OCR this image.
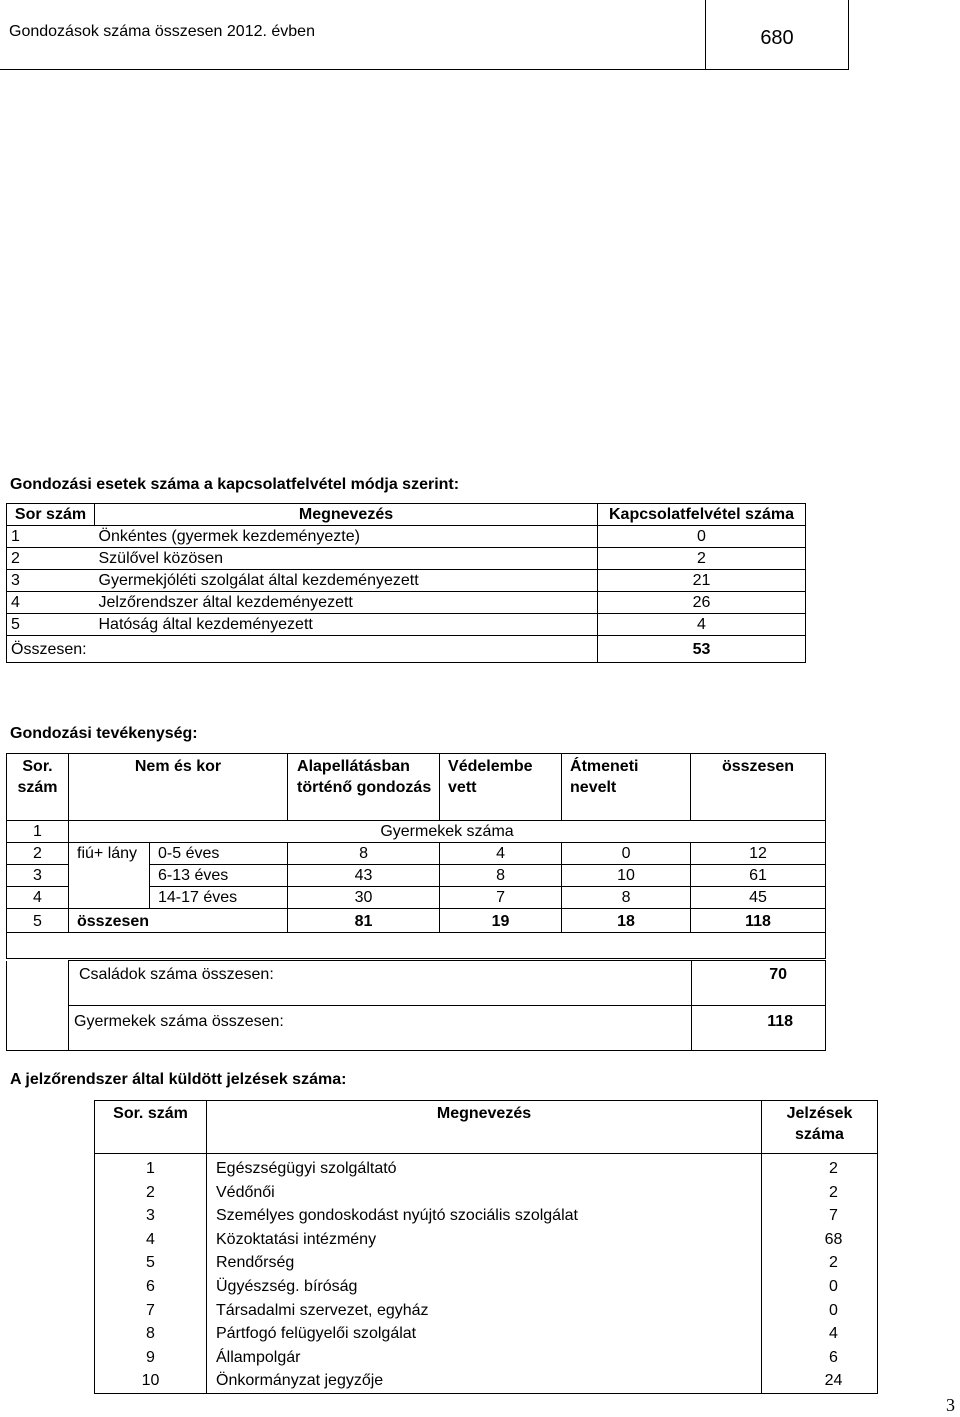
Gondozások száma összesen 2012. évben	680

Gondozási esetek száma a kapcsolatfelvétel módja szerint:

Sor szám	Megnevezés	Kapcsolatfelvétel száma
1	Önkéntes (gyermek kezdeményezte)	0
2	Szülővel közösen	2
3	Gyermekjóléti szolgálat által kezdeményezett	21
4	Jelzőrendszer által kezdeményezett	26
5	Hatóság által kezdeményezett	4
Összesen:		53

Gondozási tevékenység:

Sor. szám	Nem és kor		Alapellátásban történő gondozás	Védelembe vett	Átmeneti nevelt	összesen
1	Gyermekek száma					
2	fiú+ lány	0-5 éves	8	4	0	12
3		6-13 éves	43	8	10	61
4		14-17 éves	30	7	8	45
5	összesen		81	19	18	118

	Családok száma összesen:	70
	Gyermekek száma összesen:	118

A jelzőrendszer által küldött jelzések száma:

Sor. szám	Megnevezés	Jelzések száma
1	Egészségügyi szolgáltató	2
2	Védőnői	2
3	Személyes gondoskodást nyújtó szociális szolgálat	7
4	Közoktatási intézmény	68
5	Rendőrség	2
6	Ügyészség. bíróság	0
7	Társadalmi szervezet, egyház	0
8	Pártfogó felügyelői szolgálat	4
9	Állampolgár	6
10	Önkormányzat jegyzője	24
3
